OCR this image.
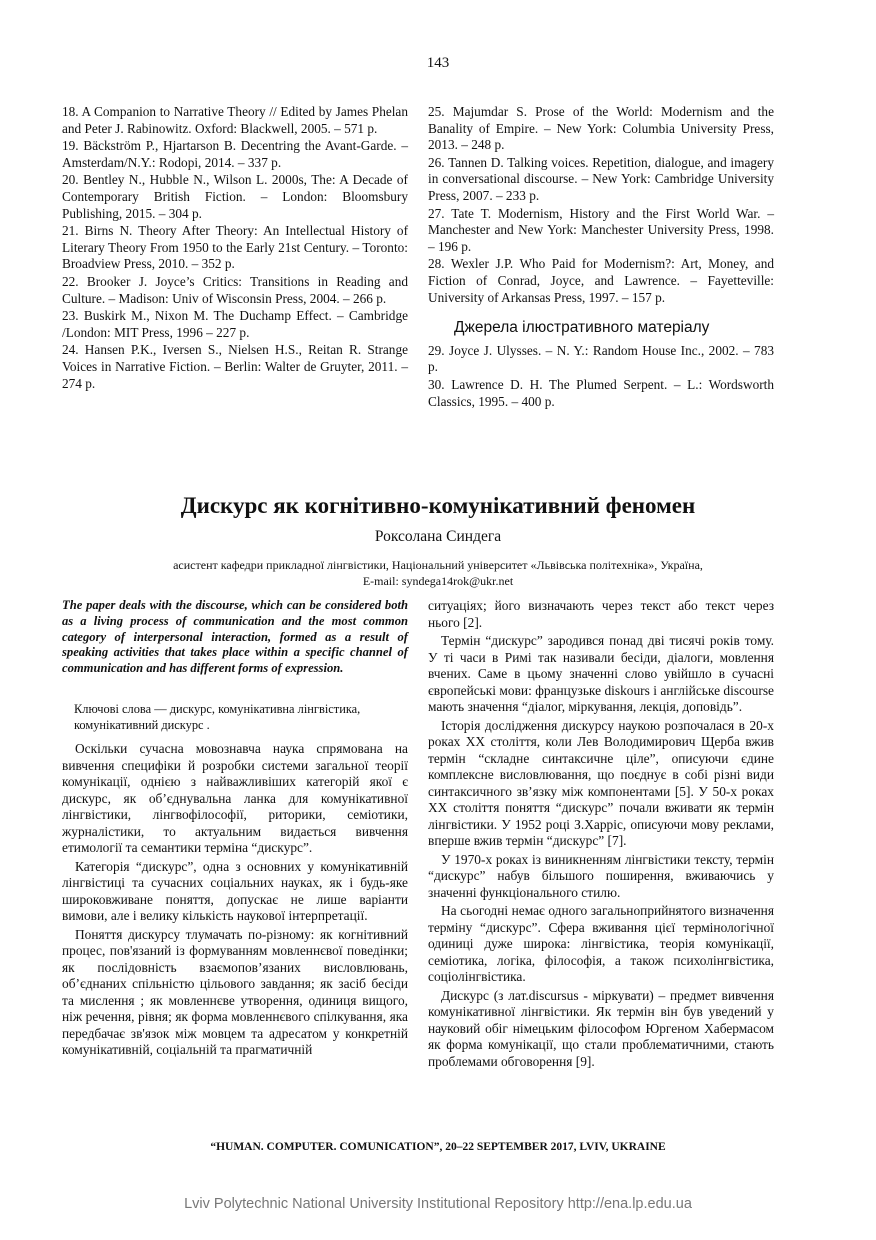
143
18. A Companion to Narrative Theory // Edited by James Phelan and Peter J. Rabinowitz. Oxford: Blackwell, 2005. – 571 p.
19. Bäckström P., Hjartarson B. Decentring the Avant-Garde. – Amsterdam/N.Y.: Rodopi, 2014. – 337 p.
20. Bentley N., Hubble N., Wilson L. 2000s, The: A Decade of Contemporary British Fiction. – London: Bloomsbury Publishing, 2015. – 304 p.
21. Birns N. Theory After Theory: An Intellectual History of Literary Theory From 1950 to the Early 21st Century. – Toronto: Broadview Press, 2010. – 352 p.
22. Brooker J. Joyce’s Critics: Transitions in Reading and Culture. – Madison: Univ of Wisconsin Press, 2004. – 266 p.
23. Buskirk M., Nixon M. The Duchamp Effect. – Cambridge /London: MIT Press, 1996 – 227 p.
24. Hansen P.K., Iversen S., Nielsen H.S., Reitan R. Strange Voices in Narrative Fiction. – Berlin: Walter de Gruyter, 2011. – 274 p.
25. Majumdar S. Prose of the World: Modernism and the Banality of Empire. – New York: Columbia University Press, 2013. – 248 p.
26. Tannen D. Talking voices. Repetition, dialogue, and imagery in conversational discourse. – New York: Cambridge University Press, 2007. – 233 p.
27. Tate T. Modernism, History and the First World War. – Manchester and New York: Manchester University Press, 1998. – 196 p.
28. Wexler J.P. Who Paid for Modernism?: Art, Money, and Fiction of Conrad, Joyce, and Lawrence. – Fayetteville: University of Arkansas Press, 1997. – 157 p.
Джерела ілюстративного матеріалу
29. Joyce J. Ulysses. – N. Y.: Random House Inc., 2002. – 783 p.
30. Lawrence D. H. The Plumed Serpent. – L.: Wordsworth Classics, 1995. – 400 p.
Дискурс як когнітивно-комунікативний феномен
Роксолана Синдега
асистент кафедри прикладної лінгвістики, Національний університет «Львівська політехніка», Україна,
E-mail: syndega14rok@ukr.net
The paper deals with the discourse, which can be considered both as a living process of communication and the most common category of interpersonal interaction, formed as a result of speaking activities that takes place within a specific channel of communication and has different forms of expression.
Ключові слова — дискурс, комунікативна лінгвістика, комунікативний дискурс .

Оскільки сучасна мовознавча наука спрямована на вивчення специфіки й розробки системи загальної теорії комунікації, однією з найважливіших категорій якої є дискурс, як об’єднувальна ланка для комунікативної лінгвістики, лінгвофілософії, риторики, семіотики, журналістики, то актуальним видається вивчення етимології та семантики терміна “дискурс”.

Категорія “дискурс”, одна з основних у комунікативній лінгвістиці та сучасних соціальних науках, як і будь-яке широковживане поняття, допускає не лише варіанти вимови, але і велику кількість наукової інтерпретації.

Поняття дискурсу тлумачать по-різному: як когнітивний процес, пов'язаний із формуванням мовленнєвої поведінки; як послідовність взаємопов’язаних висловлювань, об’єднаних спільністю цільового завдання; як засіб бесіди та мислення ; як мовленнєве утворення, одиниця вищого, ніж речення, рівня; як форма мовленнєвого спілкування, яка передбачає зв'язок між мовцем та адресатом у конкретній комунікативній, соціальній та прагматичній

ситуаціях; його визначають через текст або текст через нього [2].

Термін “дискурс” зародився понад дві тисячі років тому. У ті часи в Римі так називали бесіди, діалоги, мовлення вчених. Саме в цьому значенні слово увійшло в сучасні європейські мови: французьке diskours і англійське discourse мають значення “діалог, міркування, лекція, доповідь”.

Історія дослідження дискурсу наукою розпочалася в 20-х роках XX століття, коли Лев Володимирович Щерба вжив термін “складне синтаксичне ціле”, описуючи єдине комплексне висловлювання, що поєднує в собі різні види синтаксичного зв’язку між компонентами [5]. У 50-х роках XX століття поняття “дискурс” почали вживати як термін лінгвістики. У 1952 році З.Харріс, описуючи мову реклами, вперше вжив термін “дискурс” [7].

У 1970-х роках із виникненням лінгвістики тексту, термін “дискурс” набув більшого поширення, вживаючись у значенні функціонального стилю.

На сьогодні немає одного загальноприйнятого визначення терміну “дискурс”. Сфера вживання цієї термінологічної одиниці дуже широка: лінгвістика, теорія комунікації, семіотика, логіка, філософія, а також психолінгвістика, соціолінгвістика.

Дискурс (з лат.discursus - міркувати) – предмет вивчення комунікативної лінгвістики. Як термін він був уведений у науковий обіг німецьким філософом Юргеном Хабермасом як форма комунікації, що стали проблематичними, стають проблемами обговорення [9].

“HUMAN. COMPUTER. COMUNICATION”, 20–22 SEPTEMBER 2017, LVIV, UKRAINE
Lviv Polytechnic National University Institutional Repository http://ena.lp.edu.ua
